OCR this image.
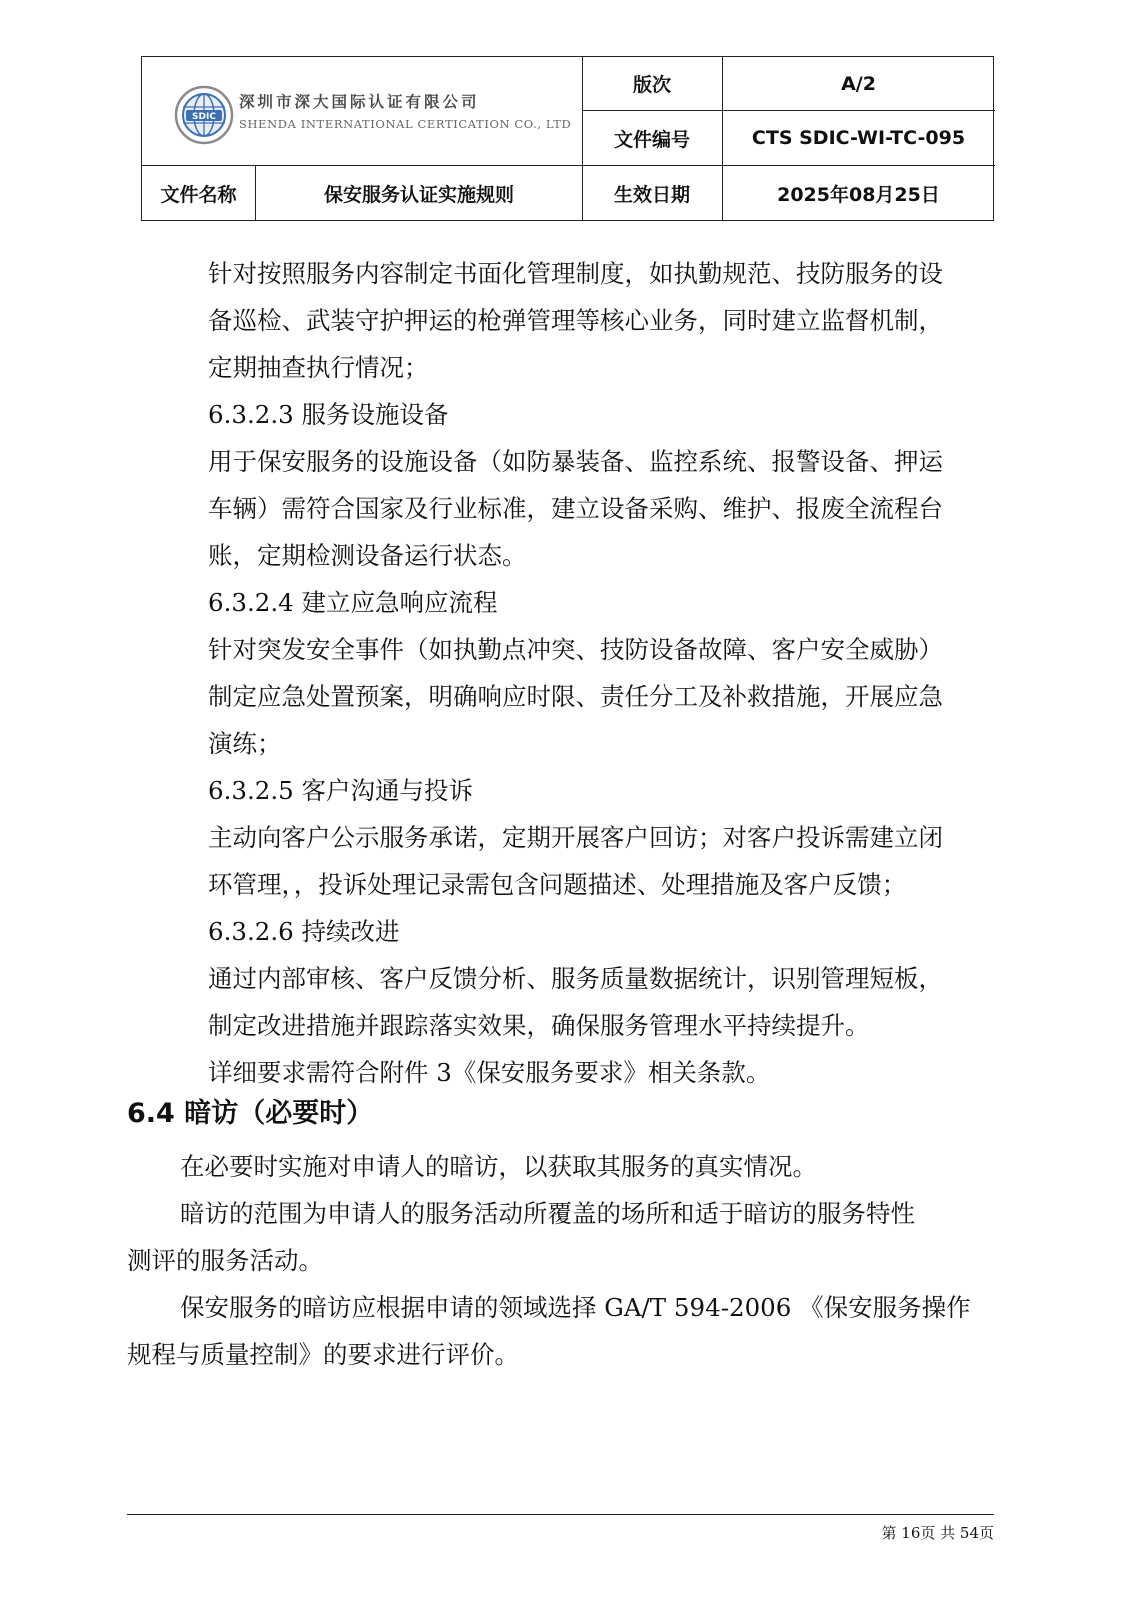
SDIC
深圳市深大国际认证有限公司
SHENDA INTERNATIONAL CERTICATION CO., LTD
版次	A/2
文件编号	CTS SDIC-WI-TC-095
文件名称	保安服务认证实施规则	生效日期	2025年08月25日

针对按照服务内容制定书面化管理制度，如执勤规范、技防服务的设

备巡检、武装守护押运的枪弹管理等核心业务，同时建立监督机制，

定期抽查执行情况；

6.3.2.3 服务设施设备

用于保安服务的设施设备（如防暴装备、监控系统、报警设备、押运

车辆）需符合国家及行业标准，建立设备采购、维护、报废全流程台

账，定期检测设备运行状态。

6.3.2.4 建立应急响应流程

针对突发安全事件（如执勤点冲突、技防设备故障、客户安全威胁）

制定应急处置预案，明确响应时限、责任分工及补救措施，开展应急

演练；

6.3.2.5 客户沟通与投诉

主动向客户公示服务承诺，定期开展客户回访；对客户投诉需建立闭

环管理，，投诉处理记录需包含问题描述、处理措施及客户反馈；

6.3.2.6 持续改进

通过内部审核、客户反馈分析、服务质量数据统计，识别管理短板，

制定改进措施并跟踪落实效果，确保服务管理水平持续提升。

详细要求需符合附件 3《保安服务要求》相关条款。

6.4 暗访（必要时）

在必要时实施对申请人的暗访，以获取其服务的真实情况。

暗访的范围为申请人的服务活动所覆盖的场所和适于暗访的服务特性

测评的服务活动。

保安服务的暗访应根据申请的领域选择 GA/T 594-2006 《保安服务操作

规程与质量控制》的要求进行评价。

第 16页 共 54页
